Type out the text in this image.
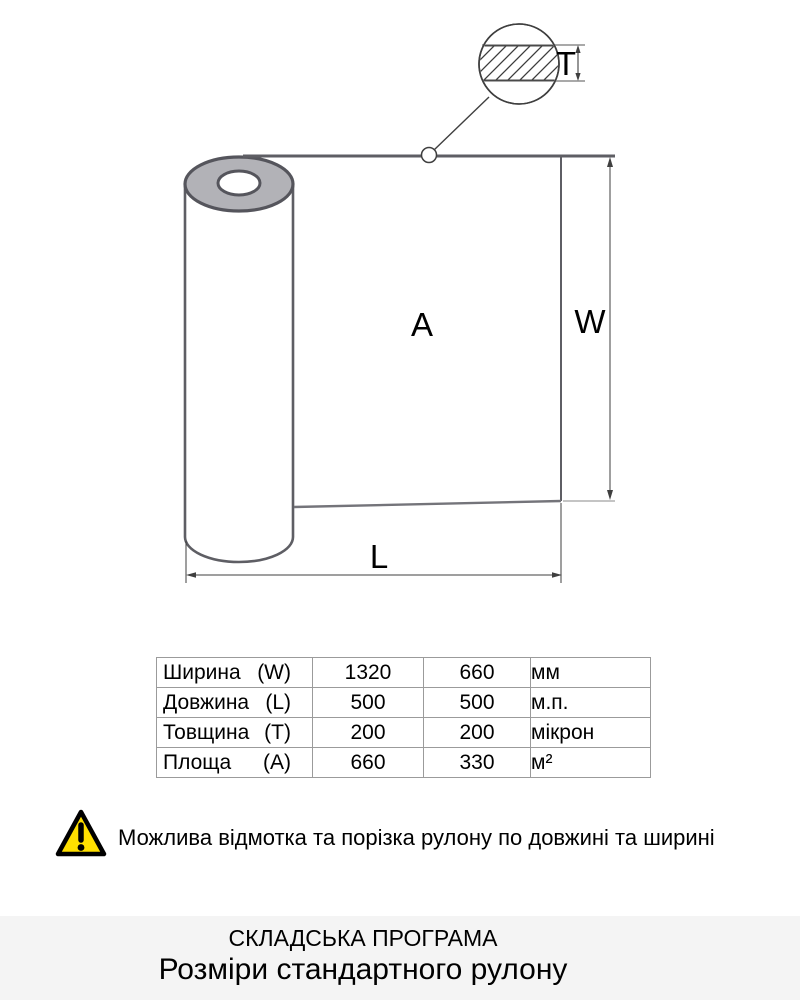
T
A	W
L
Ширина (W)	1320	660	мм

Довжина (L)	500	500	м.п.

Товщина (T)	200	200	мікрон

Площа (A)	660	330	м²
Можлива відмотка та порізка рулону по довжині та ширині
СКЛАДСЬКА ПРОГРАМА
Розміри стандартного рулону
